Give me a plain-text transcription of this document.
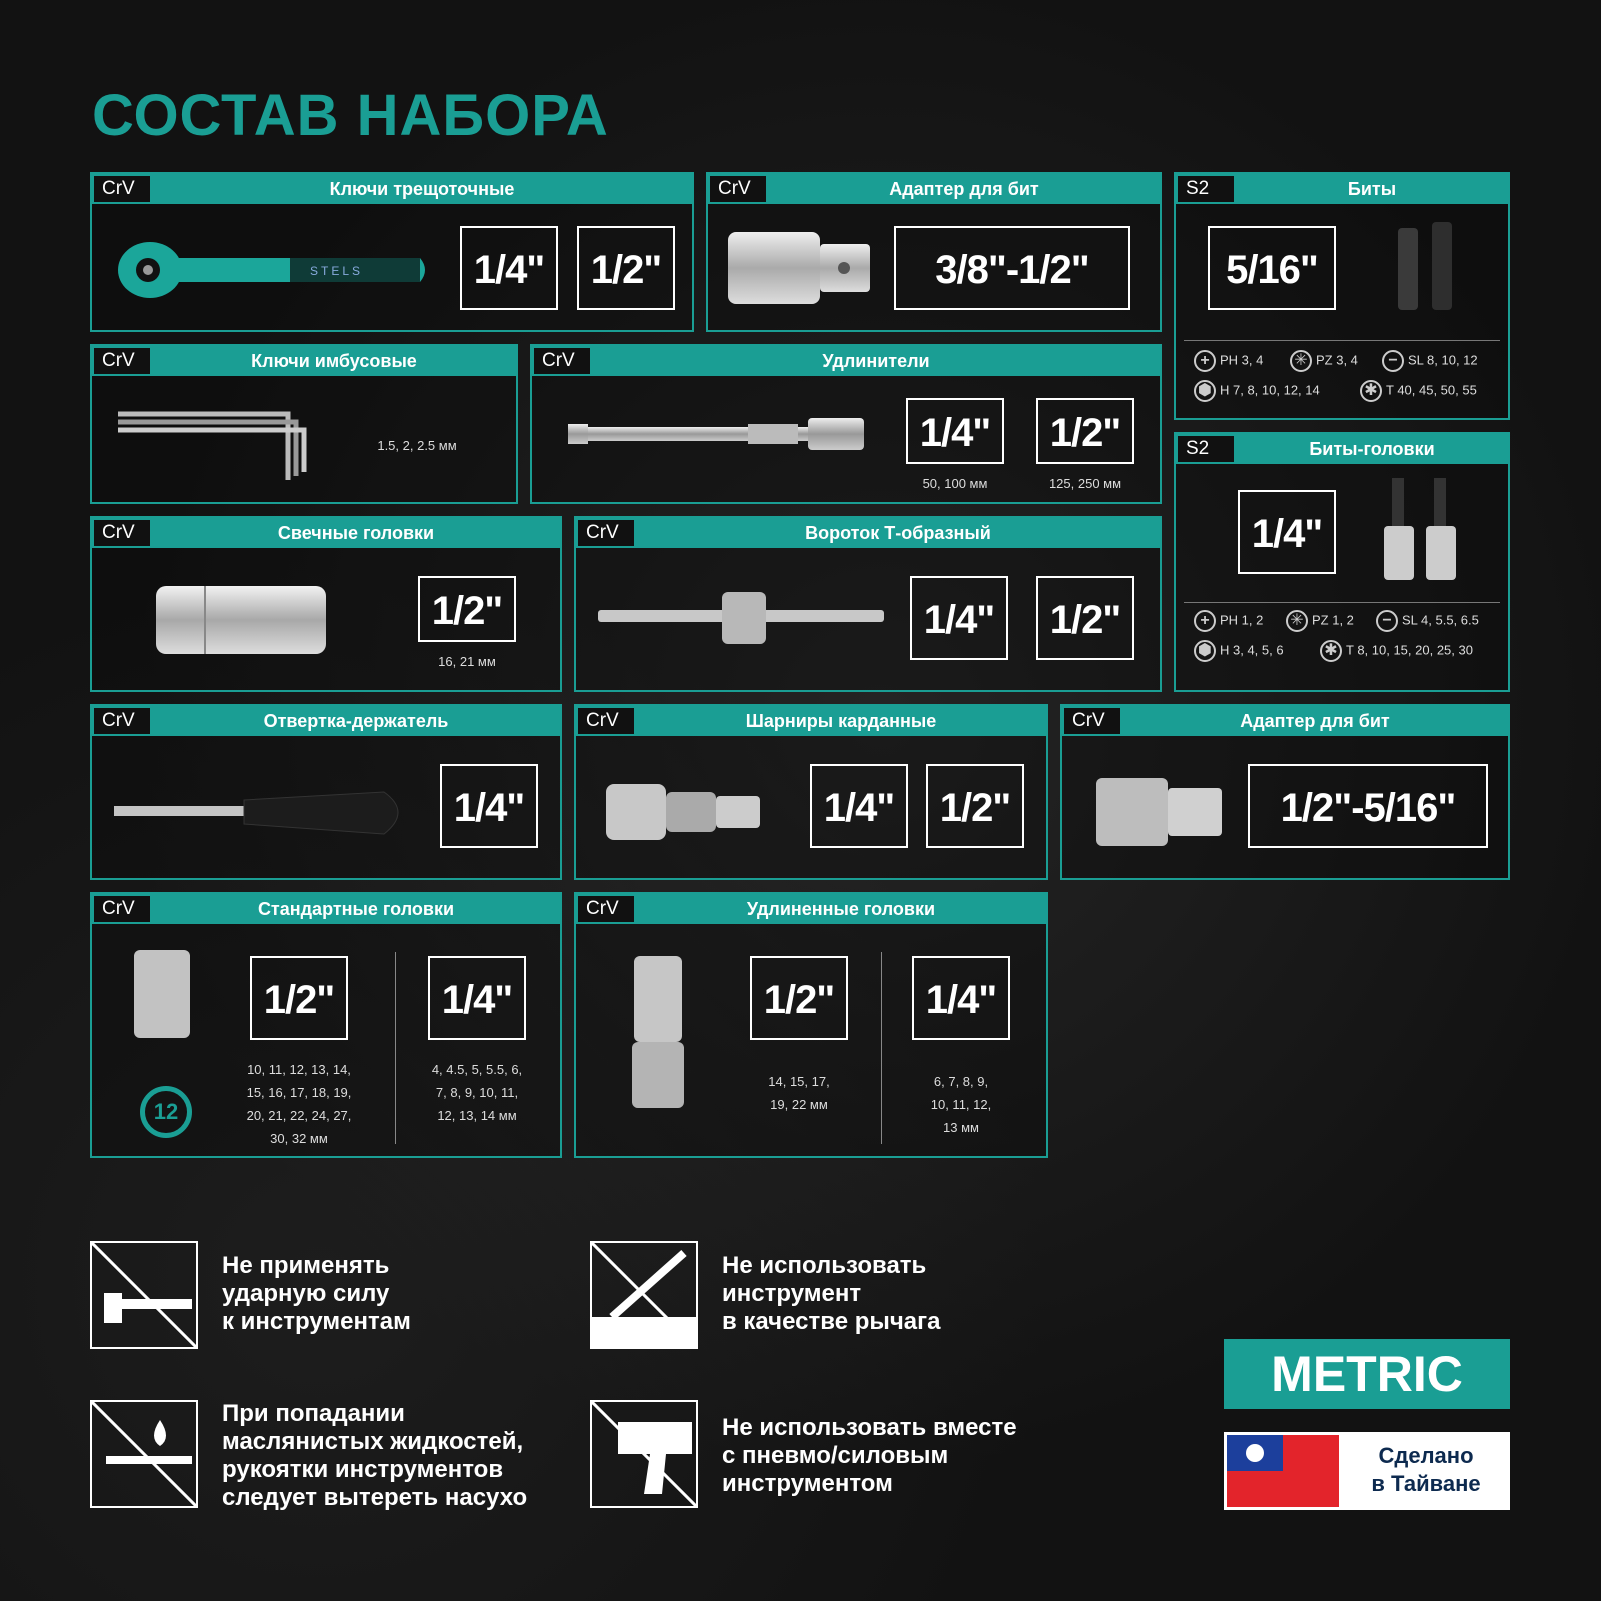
СОСТАВ НАБОРА
CrV	Ключи трещоточные
STELS	1/4"	1/2"
CrV	Адаптер для бит
3/8"-1/2"
S2	Биты
5/16"
+ PH 3, 4 ✳ PZ 3, 4	− SL 8, 10, 12
⬢ H 7, 8, 10, 12, 14	✱ T 40, 45, 50, 55
CrV	Ключи имбусовые
1.5, 2, 2.5 мм
CrV	Удлинители
1/4"	1/2"
50, 100 мм	125, 250 мм
S2	Биты-головки
1/4"
+ PH 1, 2 ✳ PZ 1, 2	− SL 4, 5.5, 6.5
⬢ H 3, 4, 5, 6	✱ T 8, 10, 15, 20, 25, 30
CrV	Свечные головки
1/2"
16, 21 мм
CrV	Вороток Т-образный
1/4"	1/2"
CrV	Отвертка-держатель
1/4"
CrV	Шарниры карданные
1/4"	1/2"
CrV	Адаптер для бит
1/2"-5/16"
CrV	Стандартные головки
12
1/2"	1/4"
10, 11, 12, 13, 14,
15, 16, 17, 18, 19,
20, 21, 22, 24, 27,
30, 32 мм
4, 4.5, 5, 5.5, 6,
7, 8, 9, 10, 11,
12, 13, 14 мм
CrV	Удлиненные головки
1/2"	1/4"
14, 15, 17,
19, 22 мм
6, 7, 8, 9,
10, 11, 12,
13 мм
Не применять
ударную силу
к инструментам
Не использовать
инструмент
в качестве рычага
При попадании
маслянистых жидкостей,
рукоятки инструментов
следует вытереть насухо
Не использовать вместе
с пневмо/силовым
инструментом
METRIC
Сделано
в Тайване
